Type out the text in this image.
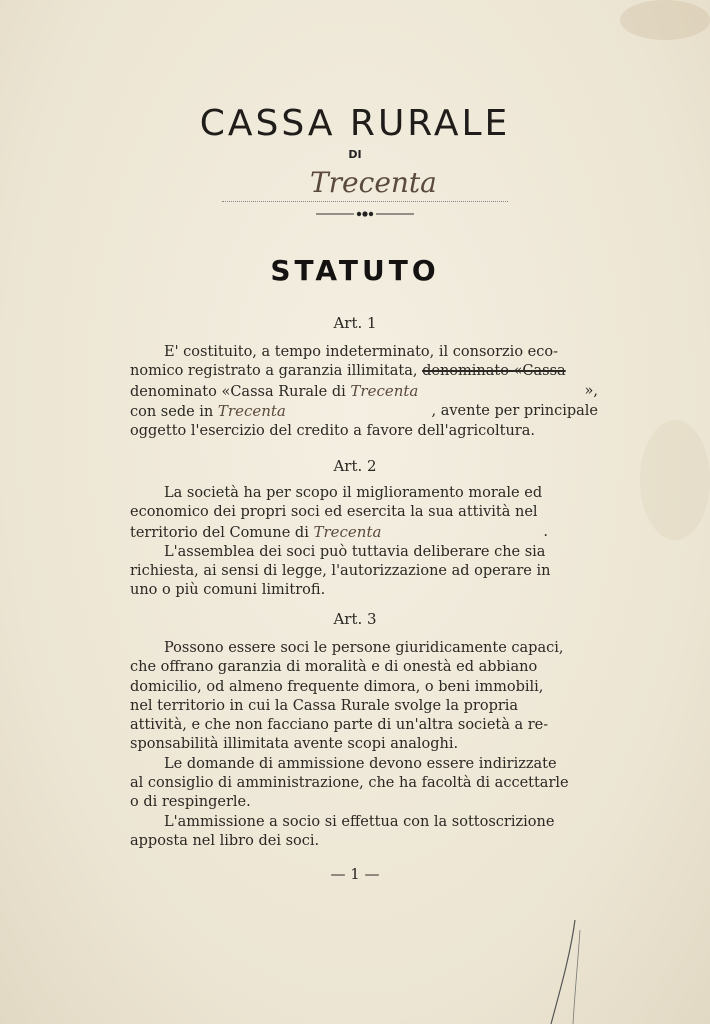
CASSA RURALE
DI
Trecenta
STATUTO
Art. 1
E' costituito, a tempo indeterminato, il consorzio eco-
nomico registrato a garanzia illimitata, denominato «Cassa
denominato «Cassa Rurale di Trecenta	»,
con sede in Trecenta	, avente per principale
oggetto l'esercizio del credito a favore dell'agricoltura.
Art. 2
La società ha per scopo il miglioramento morale ed
economico dei propri soci ed esercita la sua attività nel
territorio del Comune di Trecenta	.
L'assemblea dei soci può tuttavia deliberare che sia
richiesta, ai sensi di legge, l'autorizzazione ad operare in
uno o più comuni limitrofi.
Art. 3
Possono essere soci le persone giuridicamente capaci,
che offrano garanzia di moralità e di onestà ed abbiano
domicilio, od almeno frequente dimora, o beni immobili,
nel territorio in cui la Cassa Rurale svolge la propria
attività, e che non facciano parte di un'altra società a re-
sponsabilità illimitata avente scopi analoghi.
Le domande di ammissione devono essere indirizzate
al consiglio di amministrazione, che ha facoltà di accettarle
o di respingerle.
L'ammissione a socio si effettua con la sottoscrizione
apposta nel libro dei soci.
— 1 —
